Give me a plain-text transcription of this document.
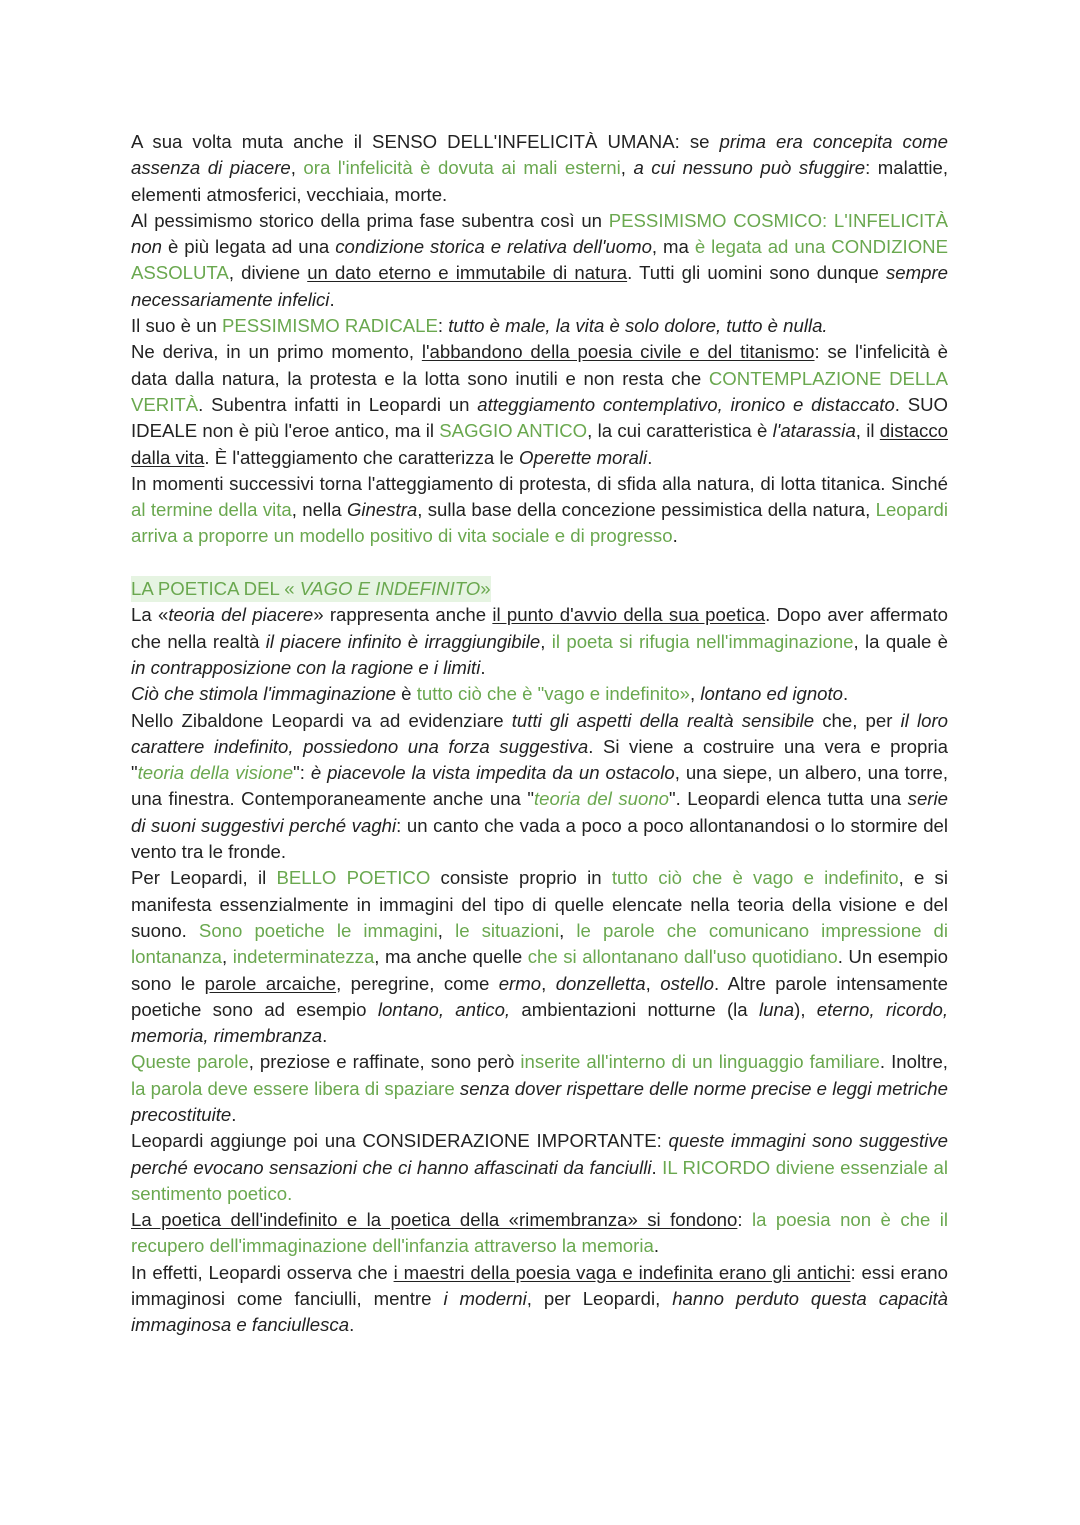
A sua volta muta anche il SENSO DELL'INFELICITÀ UMANA: se prima era concepita come assenza di piacere, ora l'infelicità è dovuta ai mali esterni, a cui nessuno può sfuggire: malattie, elementi atmosferici, vecchiaia, morte.

Al pessimismo storico della prima fase subentra così un PESSIMISMO COSMICO: L'INFELICITÀ non è più legata ad una condizione storica e relativa dell'uomo, ma è legata ad una CONDIZIONE ASSOLUTA, diviene un dato eterno e immutabile di natura. Tutti gli uomini sono dunque sempre necessariamente infelici.

Il suo è un PESSIMISMO RADICALE: tutto è male, la vita è solo dolore, tutto è nulla.

Ne deriva, in un primo momento, l'abbandono della poesia civile e del titanismo: se l'infelicità è data dalla natura, la protesta e la lotta sono inutili e non resta che CONTEMPLAZIONE DELLA VERITÀ. Subentra infatti in Leopardi un atteggiamento contemplativo, ironico e distaccato. SUO IDEALE non è più l'eroe antico, ma il SAGGIO ANTICO, la cui caratteristica è l'atarassia, il distacco dalla vita. È l'atteggiamento che caratterizza le Operette morali.

In momenti successivi torna l'atteggiamento di protesta, di sfida alla natura, di lotta titanica. Sinché al termine della vita, nella Ginestra, sulla base della concezione pessimistica della natura, Leopardi arriva a proporre un modello positivo di vita sociale e di progresso.

LA POETICA DEL « VAGO E INDEFINITO»

La «teoria del piacere» rappresenta anche il punto d'avvio della sua poetica. Dopo aver affermato che nella realtà il piacere infinito è irraggiungibile, il poeta si rifugia nell'immaginazione, la quale è in contrapposizione con la ragione e i limiti.

Ciò che stimola l'immaginazione è tutto ciò che è "vago e indefinito», lontano ed ignoto.

Nello Zibaldone Leopardi va ad evidenziare tutti gli aspetti della realtà sensibile che, per il loro carattere indefinito, possiedono una forza suggestiva. Si viene a costruire una vera e propria "teoria della visione": è piacevole la vista impedita da un ostacolo, una siepe, un albero, una torre, una finestra. Contemporaneamente anche una "teoria del suono". Leopardi elenca tutta una serie di suoni suggestivi perché vaghi: un canto che vada a poco a poco allontanandosi o lo stormire del vento tra le fronde.

Per Leopardi, il BELLO POETICO consiste proprio in tutto ciò che è vago e indefinito, e si manifesta essenzialmente in immagini del tipo di quelle elencate nella teoria della visione e del suono. Sono poetiche le immagini, le situazioni, le parole che comunicano impressione di lontananza, indeterminatezza, ma anche quelle che si allontanano dall'uso quotidiano. Un esempio sono le parole arcaiche, peregrine, come ermo, donzelletta, ostello. Altre parole intensamente poetiche sono ad esempio lontano, antico, ambientazioni notturne (la luna), eterno, ricordo, memoria, rimembranza.

Queste parole, preziose e raffinate, sono però inserite all'interno di un linguaggio familiare. Inoltre, la parola deve essere libera di spaziare senza dover rispettare delle norme precise e leggi metriche precostituite.

Leopardi aggiunge poi una CONSIDERAZIONE IMPORTANTE: queste immagini sono suggestive perché evocano sensazioni che ci hanno affascinati da fanciulli. IL RICORDO diviene essenziale al sentimento poetico.

La poetica dell'indefinito e la poetica della «rimembranza» si fondono: la poesia non è che il recupero dell'immaginazione dell'infanzia attraverso la memoria.

In effetti, Leopardi osserva che i maestri della poesia vaga e indefinita erano gli antichi: essi erano immaginosi come fanciulli, mentre i moderni, per Leopardi, hanno perduto questa capacità immaginosa e fanciullesca.
